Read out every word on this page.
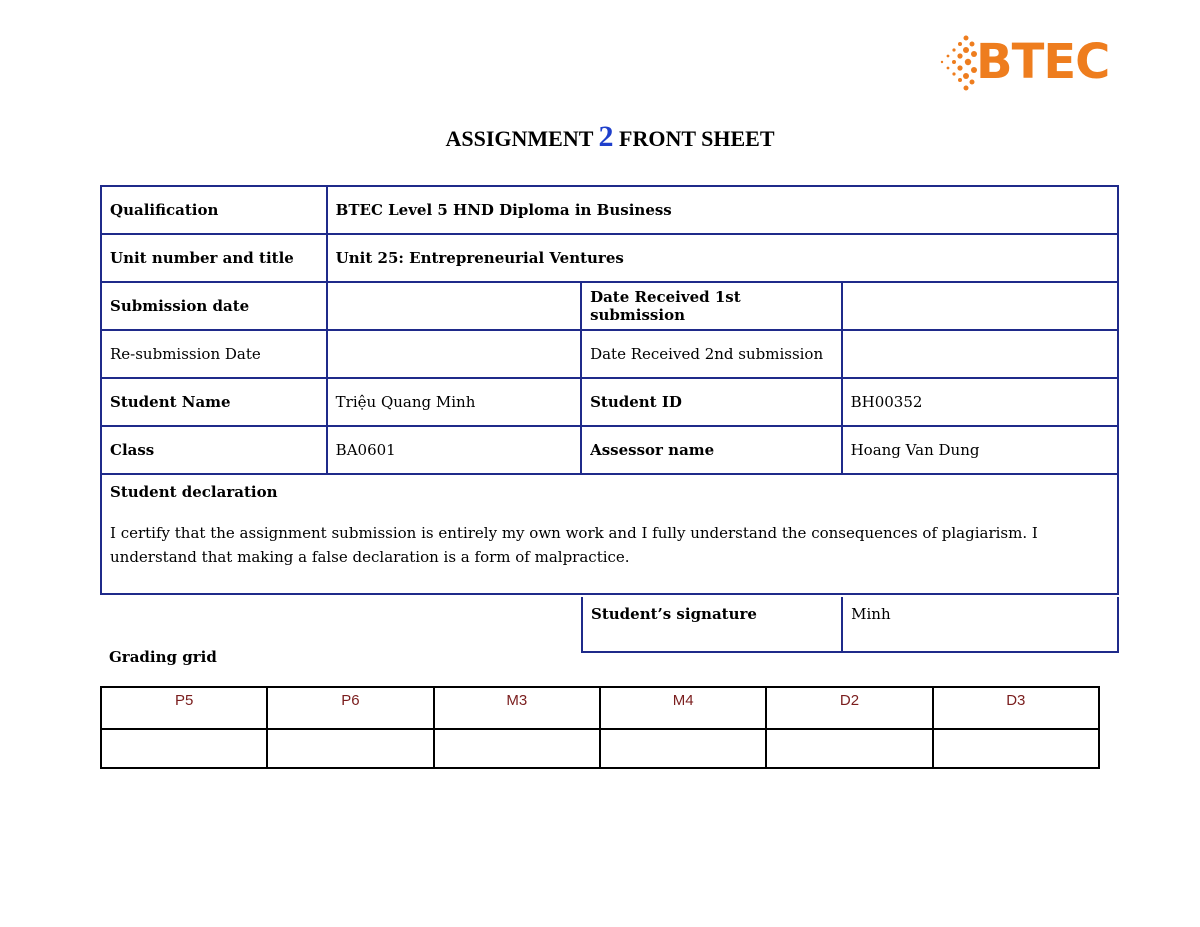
BTEC
ASSIGNMENT 2 FRONT SHEET
Qualification	BTEC Level 5 HND Diploma in Business		
Unit number and title	Unit 25: Entrepreneurial Ventures		
Submission date		Date Received 1st submission	
Re-submission Date		Date Received 2nd submission	
Student Name	Triệu Quang Minh	Student ID	BH00352
Class	BA0601	Assessor name	Hoang Van Dung

Student declaration
I certify that the assignment submission is entirely my own work and I fully understand the consequences of plagiarism. I understand that making a false declaration is a form of malpractice.			
Student’s signature	Minh
Grading grid
P5	P6	M3	M4	D2	D3
